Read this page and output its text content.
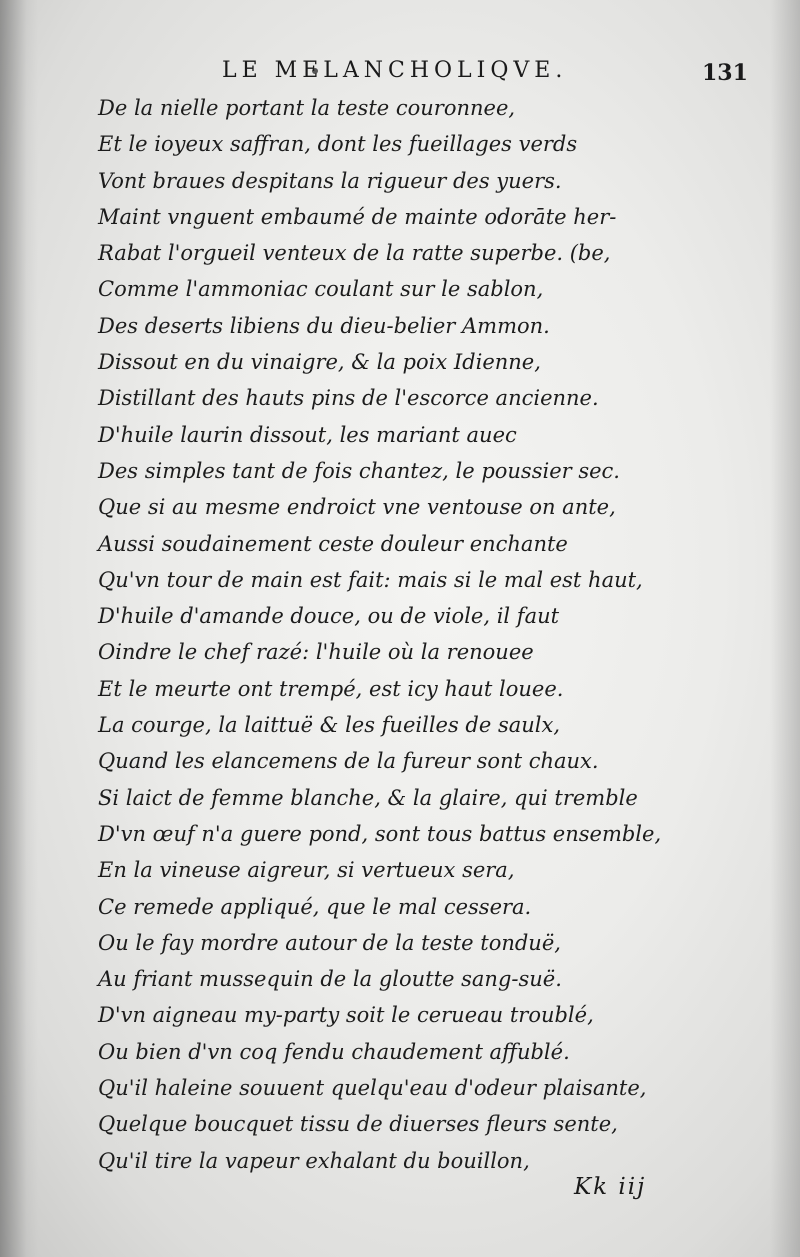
LE MELANCHOLIQVE.	131
De la nielle portant la teste couronnee,
Et le ioyeux saffran, dont les fueillages verds
Vont braues despitans la rigueur des yuers.
Maint vnguent embaumé de mainte odorāte her-
Rabat l'orgueil venteux de la ratte superbe. (be,
Comme l'ammoniac coulant sur le sablon,
Des deserts libiens du dieu-belier Ammon.
Dissout en du vinaigre, & la poix Idienne,
Distillant des hauts pins de l'escorce ancienne.
D'huile laurin dissout, les mariant auec
Des simples tant de fois chantez, le poussier sec.
Que si au mesme endroict vne ventouse on ante,
Aussi soudainement ceste douleur enchante
Qu'vn tour de main est fait: mais si le mal est haut,
D'huile d'amande douce, ou de viole, il faut
Oindre le chef razé: l'huile où la renouee
Et le meurte ont trempé, est icy haut louee.
La courge, la laittuë & les fueilles de saulx,
Quand les elancemens de la fureur sont chaux.
Si laict de femme blanche, & la glaire, qui tremble
D'vn œuf n'a guere pond, sont tous battus ensemble,
En la vineuse aigreur, si vertueux sera,
Ce remede appliqué, que le mal cessera.
Ou le fay mordre autour de la teste tonduë,
Au friant mussequin de la gloutte sang-suë.
D'vn aigneau my-party soit le cerueau troublé,
Ou bien d'vn coq fendu chaudement affublé.
Qu'il haleine souuent quelqu'eau d'odeur plaisante,
Quelque boucquet tissu de diuerses fleurs sente,
Qu'il tire la vapeur exhalant du bouillon,
Kk iij
